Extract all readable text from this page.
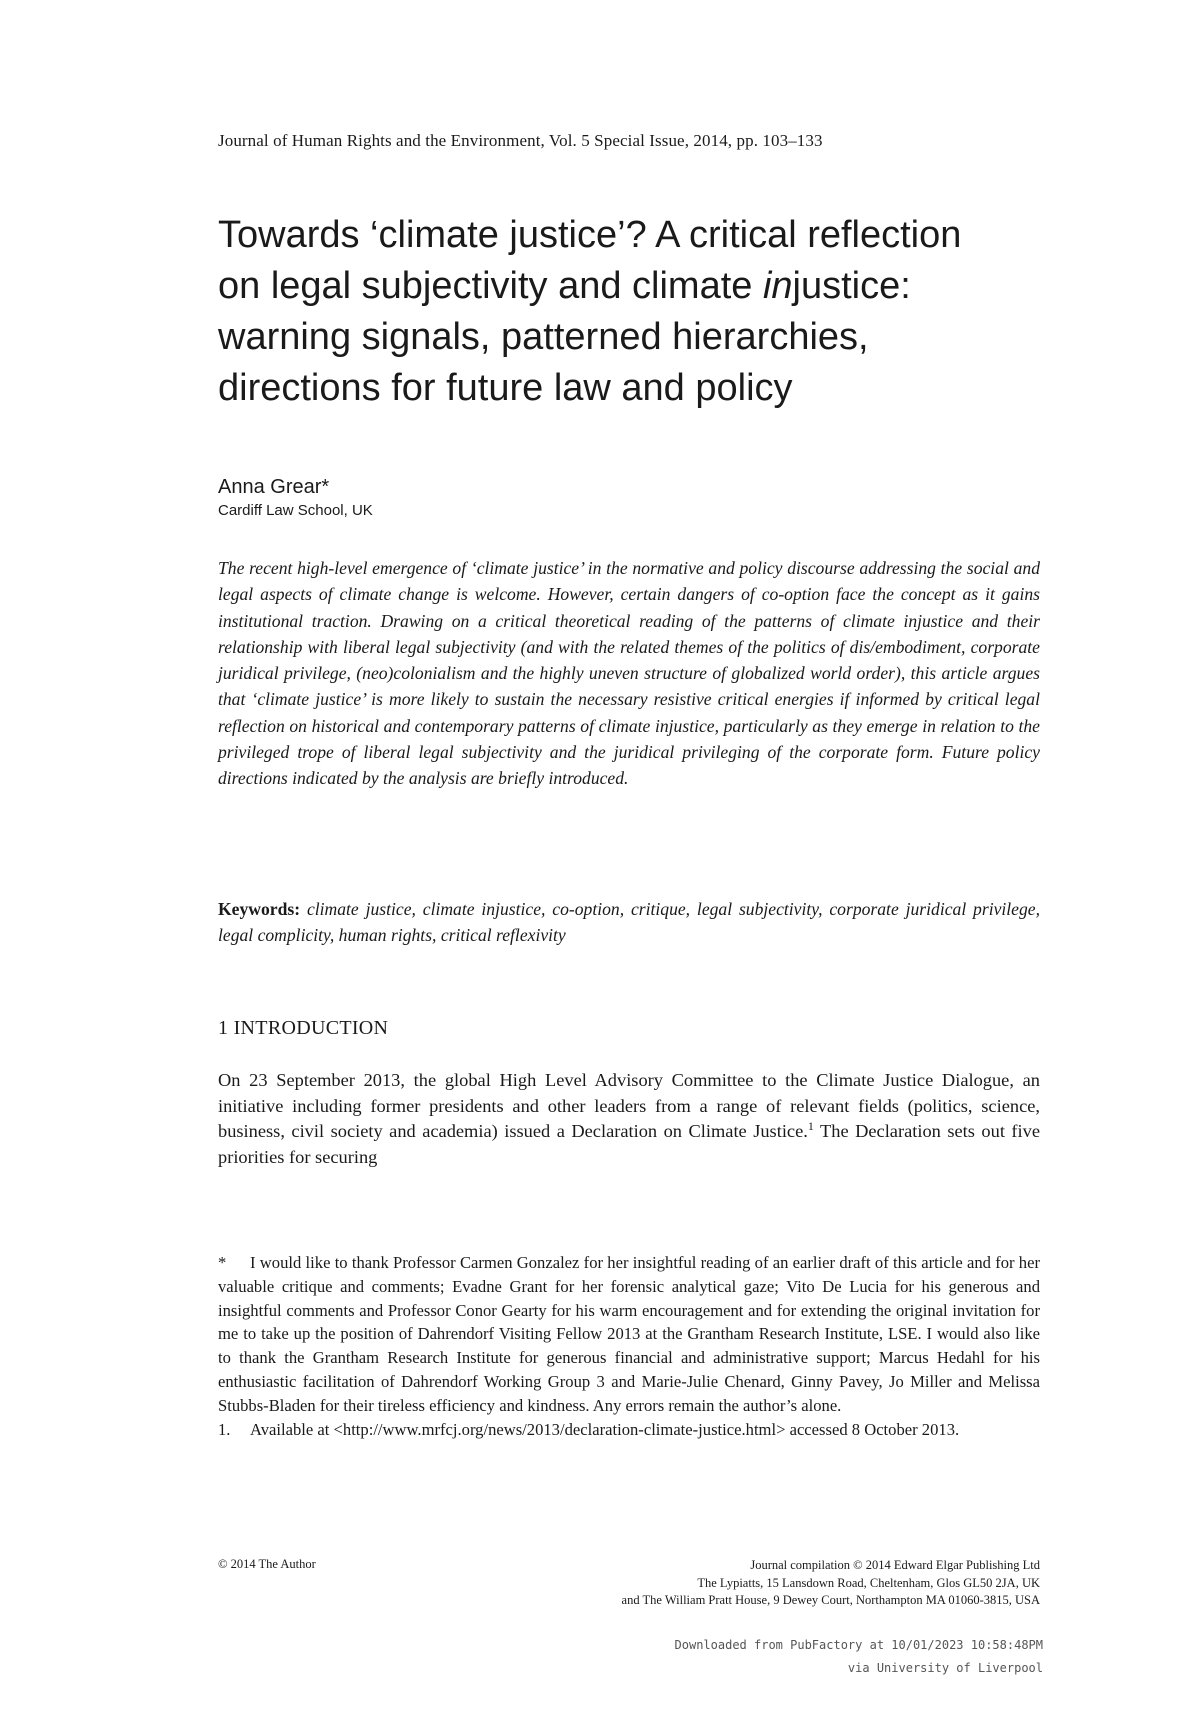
Journal of Human Rights and the Environment, Vol. 5 Special Issue, 2014, pp. 103–133
Towards ‘climate justice’? A critical reflection
on legal subjectivity and climate injustice:
warning signals, patterned hierarchies,
directions for future law and policy
Anna Grear*
Cardiff Law School, UK
The recent high-level emergence of ‘climate justice’ in the normative and policy discourse addressing the social and legal aspects of climate change is welcome. However, certain dangers of co-option face the concept as it gains institutional traction. Drawing on a critical theoretical reading of the patterns of climate injustice and their relationship with liberal legal subjectivity (and with the related themes of the politics of dis/embodiment, corporate juridical privilege, (neo)colonialism and the highly uneven structure of globalized world order), this article argues that ‘climate justice’ is more likely to sustain the necessary resistive critical energies if informed by critical legal reflection on historical and contemporary patterns of climate injustice, particularly as they emerge in relation to the privileged trope of liberal legal subjectivity and the juridical privileging of the corporate form. Future policy directions indicated by the analysis are briefly introduced.
Keywords: climate justice, climate injustice, co-option, critique, legal subjectivity, corporate juridical privilege, legal complicity, human rights, critical reflexivity
1 INTRODUCTION
On 23 September 2013, the global High Level Advisory Committee to the Climate Justice Dialogue, an initiative including former presidents and other leaders from a range of relevant fields (politics, science, business, civil society and academia) issued a Declaration on Climate Justice.$^1$ The Declaration sets out five priorities for securing

* I would like to thank Professor Carmen Gonzalez for her insightful reading of an earlier draft of this article and for her valuable critique and comments; Evadne Grant for her forensic analytical gaze; Vito De Lucia for his generous and insightful comments and Professor Conor Gearty for his warm encouragement and for extending the original invitation for me to take up the position of Dahrendorf Visiting Fellow 2013 at the Grantham Research Institute, LSE. I would also like to thank the Grantham Research Institute for generous financial and administrative support; Marcus Hedahl for his enthusiastic facilitation of Dahrendorf Working Group 3 and Marie-Julie Chenard, Ginny Pavey, Jo Miller and Melissa Stubbs-Bladen for their tireless efficiency and kindness. Any errors remain the author’s alone.

1. Available at <http://www.mrfcj.org/news/2013/declaration-climate-justice.html> accessed 8 October 2013.

© 2014 The Author	Journal compilation © 2014 Edward Elgar Publishing Ltd
The Lypiatts, 15 Lansdown Road, Cheltenham, Glos GL50 2JA, UK
and The William Pratt House, 9 Dewey Court, Northampton MA 01060-3815, USA
Downloaded from PubFactory at 10/01/2023 10:58:48PM
via University of Liverpool
